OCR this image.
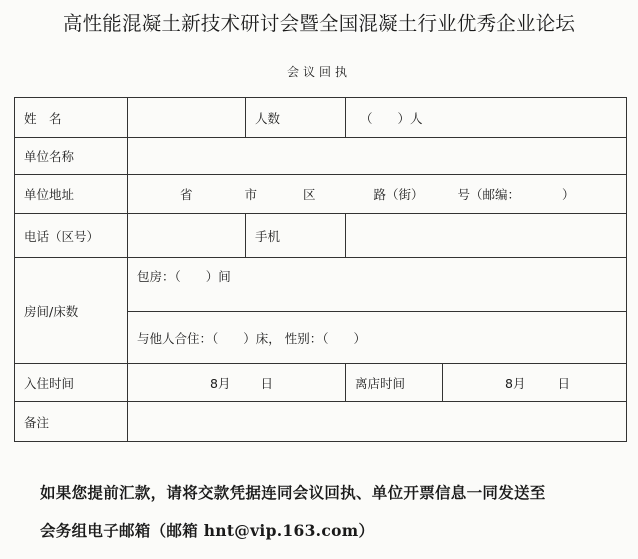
高性能混凝土新技术研讨会暨全国混凝土行业优秀企业论坛
会议回执
姓　名		人数	（　　）人	
单位名称				
单位地址	省 市 区 路（街） 号（邮编： ）			
电话（区号）		手机		
房间/床数	包房：（　　）间			
	与他人合住：（　　）床， 性别：（　　）			
入住时间	8月 日		离店时间	8月 日
备注				
如果您提前汇款，请将交款凭据连同会议回执、单位开票信息一同发送至
会务组电子邮箱（邮箱 hnt@vip.163.com）
